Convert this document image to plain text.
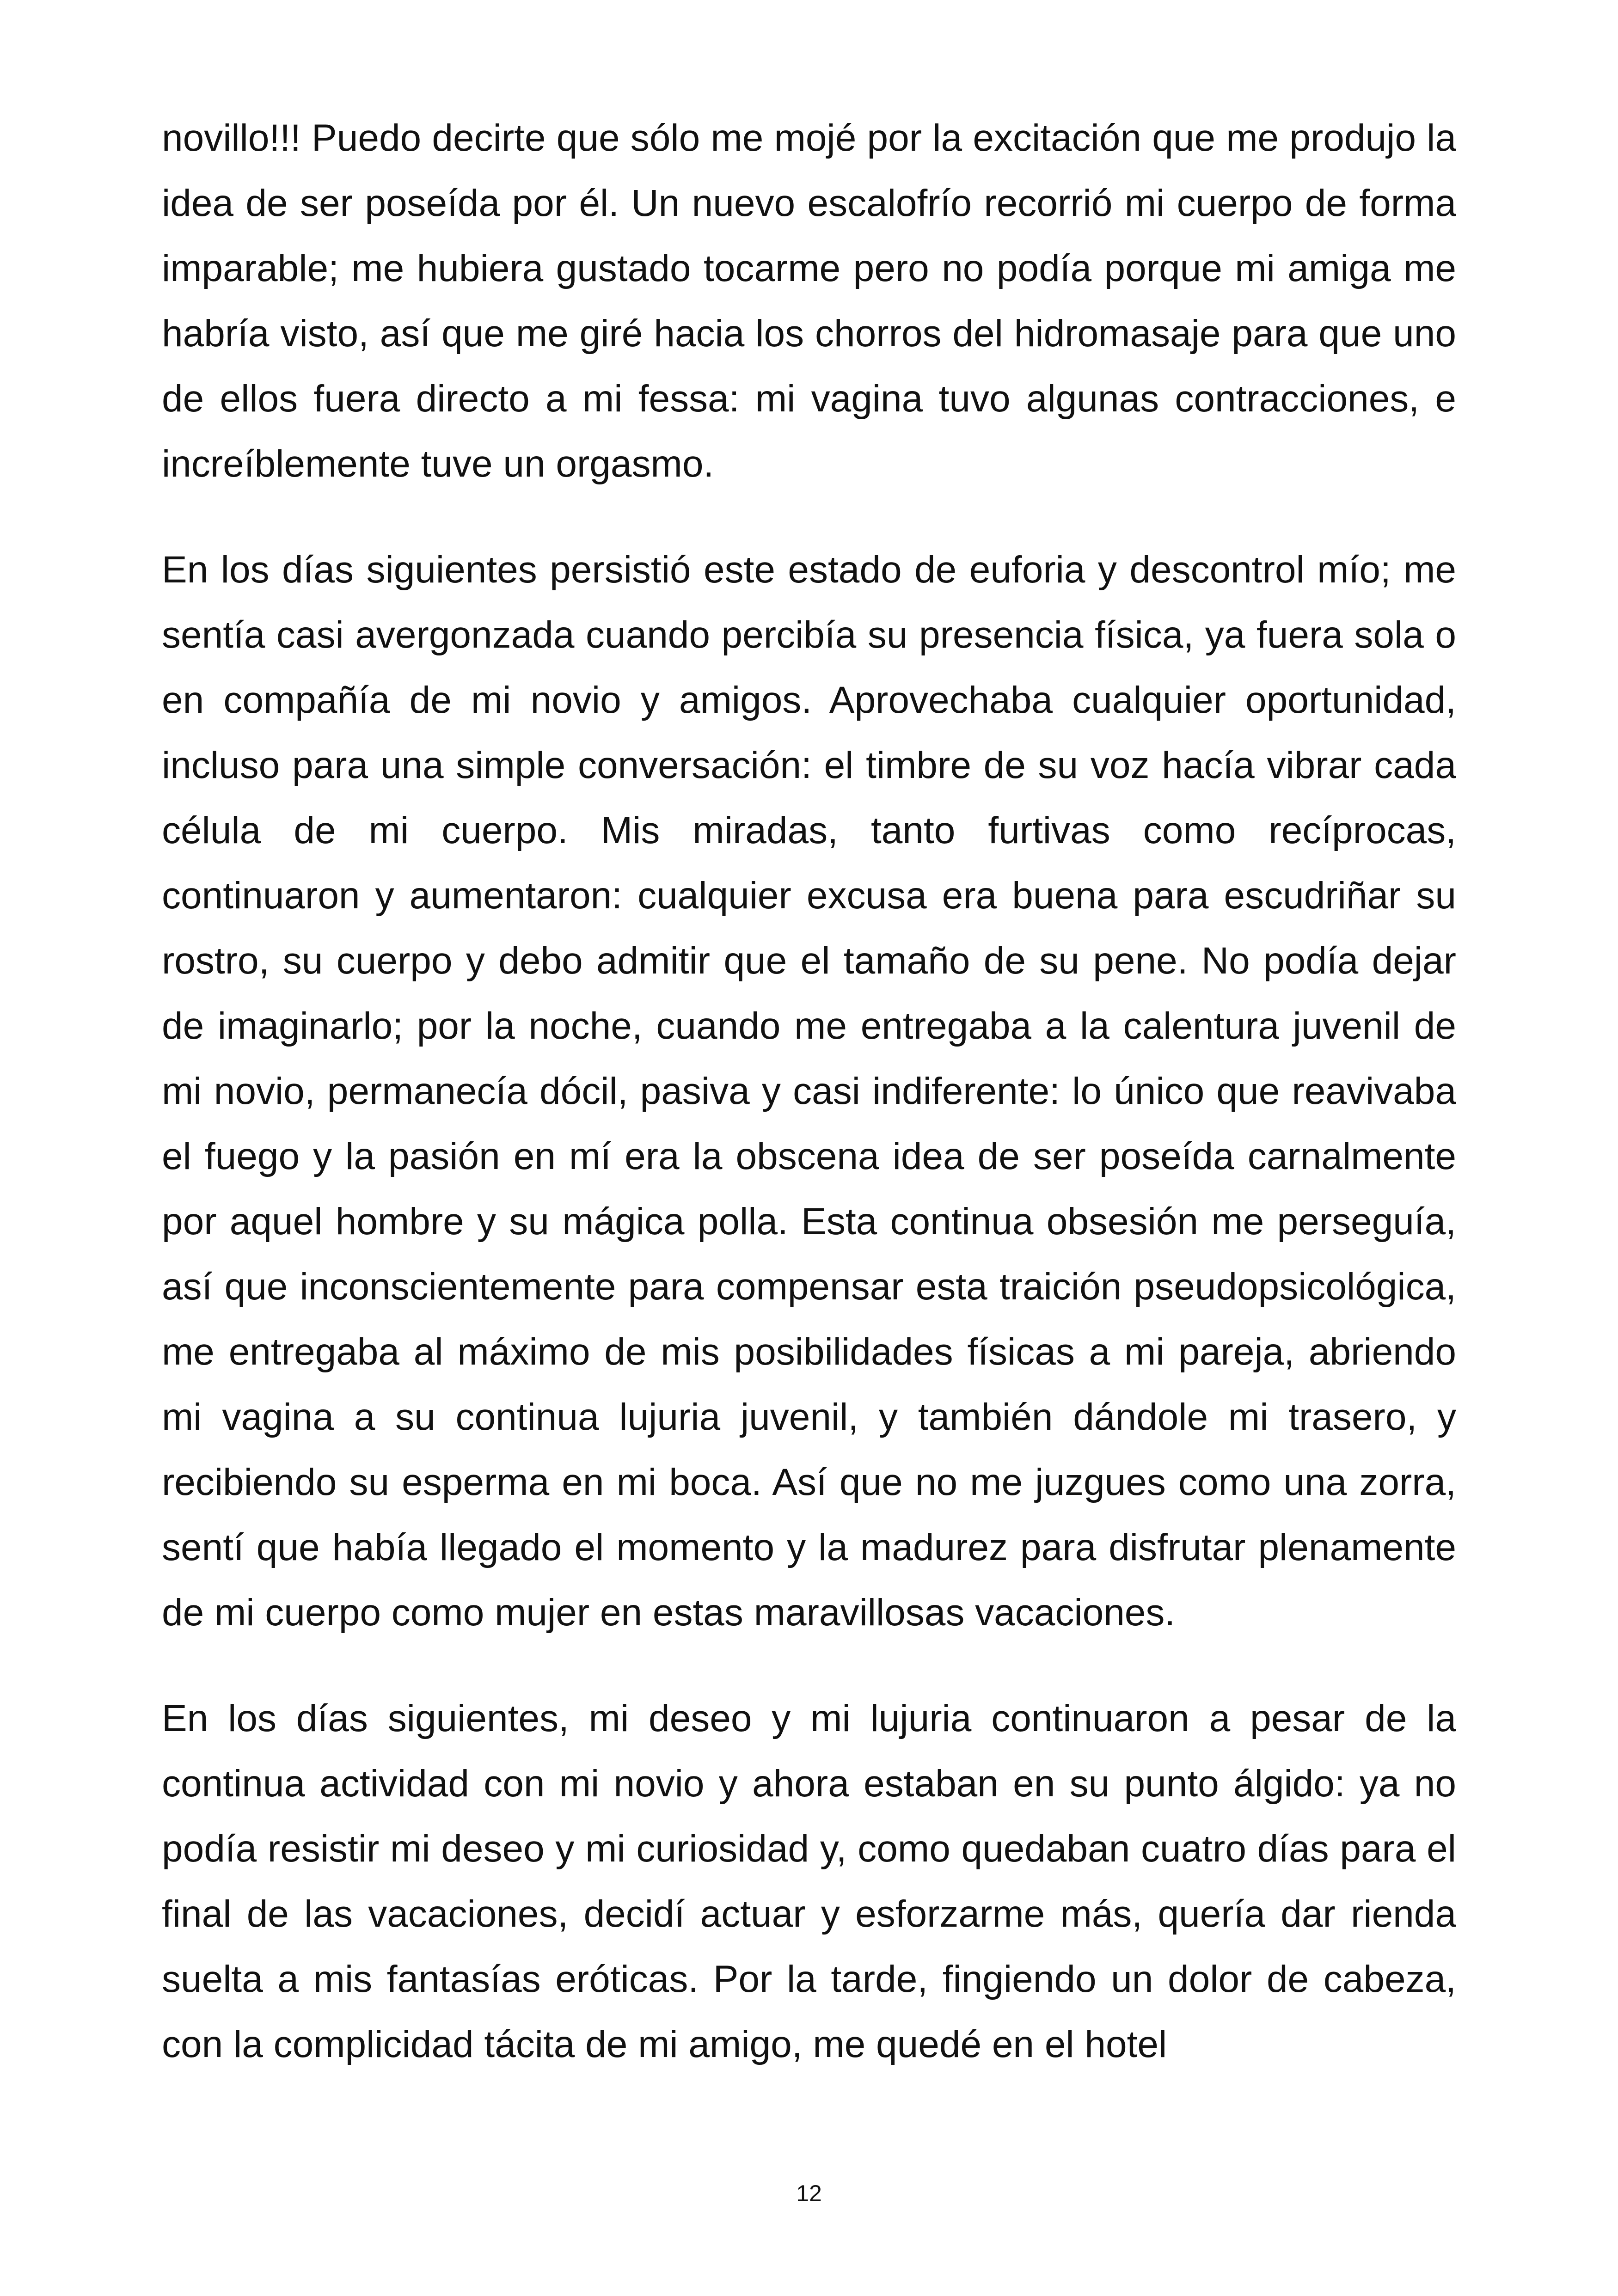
novillo!!! Puedo decirte que sólo me mojé por la excitación que me produjo la idea de ser poseída por él. Un nuevo escalofrío recorrió mi cuerpo de forma imparable; me hubiera gustado tocarme pero no podía porque mi amiga me habría visto, así que me giré hacia los chorros del hidromasaje para que uno de ellos fuera directo a mi fessa: mi vagina tuvo algunas contracciones, e increíblemente tuve un orgasmo.

En los días siguientes persistió este estado de euforia y descontrol mío; me sentía casi avergonzada cuando percibía su presencia física, ya fuera sola o en compañía de mi novio y amigos. Aprovechaba cualquier oportunidad, incluso para una simple conversación: el timbre de su voz hacía vibrar cada célula de mi cuerpo. Mis miradas, tanto furtivas como recíprocas, continuaron y aumentaron: cualquier excusa era buena para escudriñar su rostro, su cuerpo y debo admitir que el tamaño de su pene. No podía dejar de imaginarlo; por la noche, cuando me entregaba a la calentura juvenil de mi novio, permanecía dócil, pasiva y casi indiferente: lo único que reavivaba el fuego y la pasión en mí era la obscena idea de ser poseída carnalmente por aquel hombre y su mágica polla. Esta continua obsesión me perseguía, así que inconscientemente para compensar esta traición pseudopsicológica, me entregaba al máximo de mis posibilidades físicas a mi pareja, abriendo mi vagina a su continua lujuria juvenil, y también dándole mi trasero, y recibiendo su esperma en mi boca. Así que no me juzgues como una zorra, sentí que había llegado el momento y la madurez para disfrutar plenamente de mi cuerpo como mujer en estas maravillosas vacaciones.

En los días siguientes, mi deseo y mi lujuria continuaron a pesar de la continua actividad con mi novio y ahora estaban en su punto álgido: ya no podía resistir mi deseo y mi curiosidad y, como quedaban cuatro días para el final de las vacaciones, decidí actuar y esforzarme más, quería dar rienda suelta a mis fantasías eróticas. Por la tarde, fingiendo un dolor de cabeza, con la complicidad tácita de mi amigo, me quedé en el hotel

12
